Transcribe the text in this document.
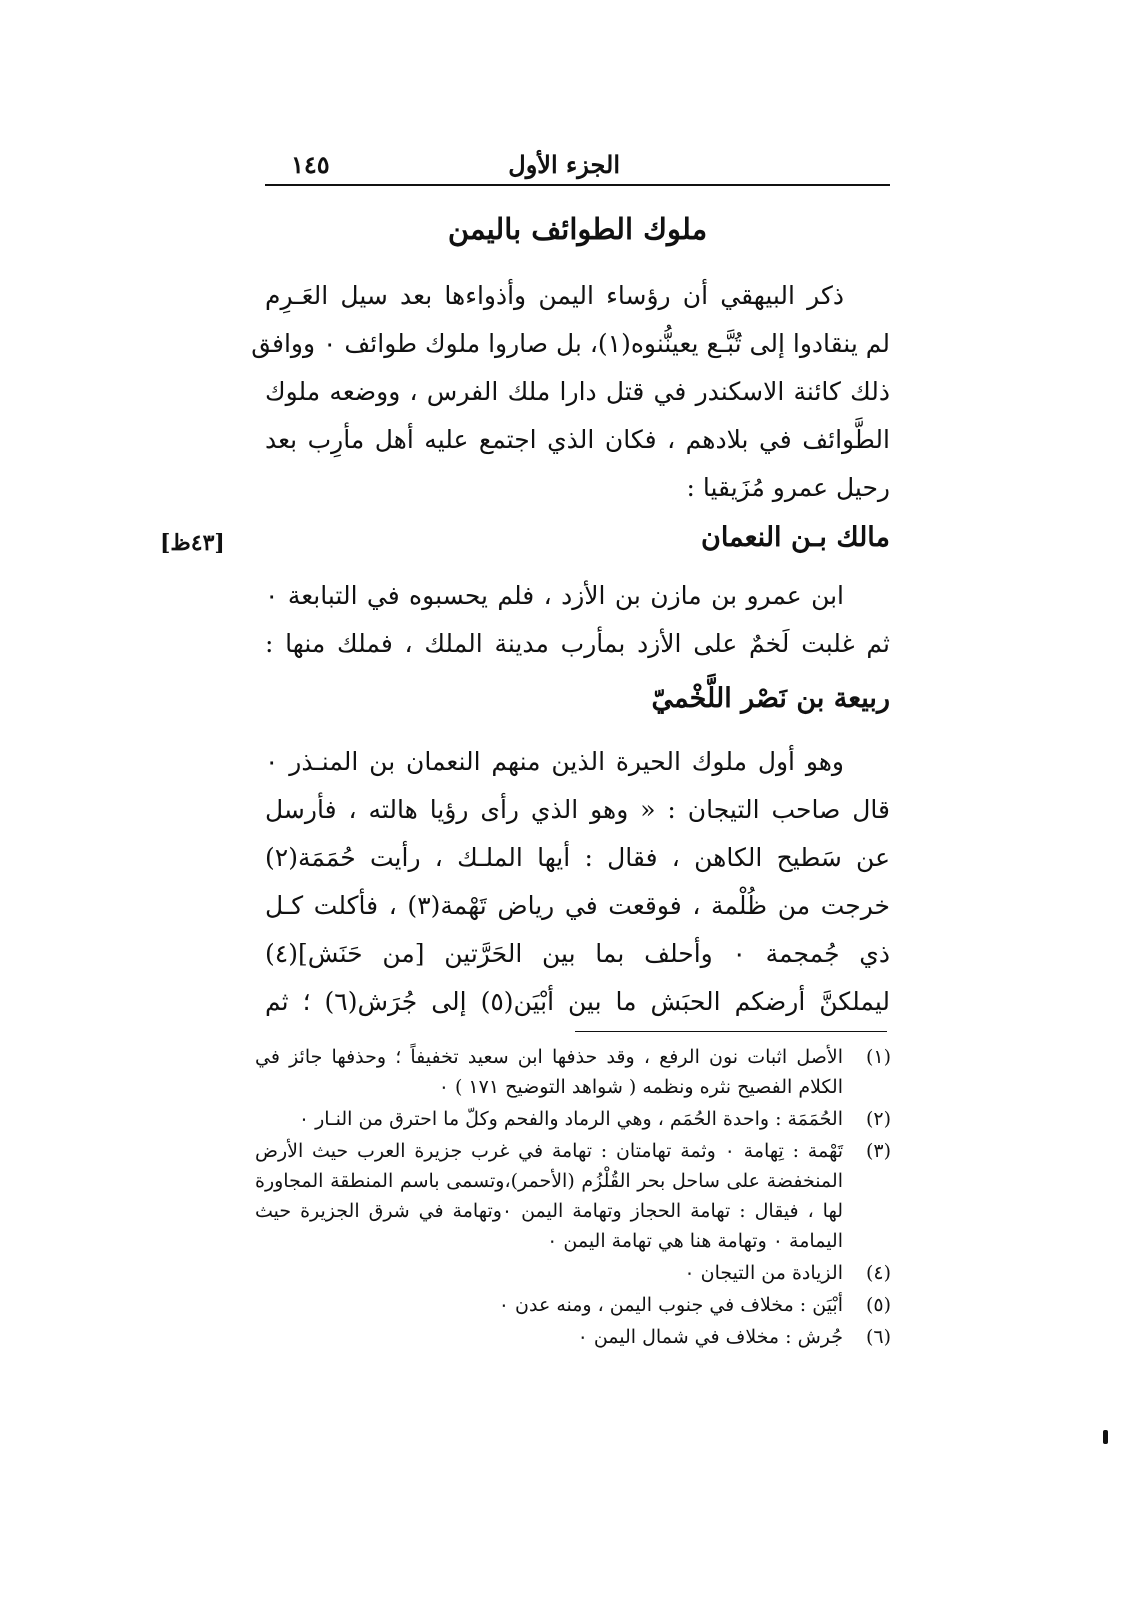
الجزء الأول
١٤٥
ملوك الطوائف باليمن
ذكر البيهقي أن رؤساء اليمن وأذواءها بعد سيل العَـرِم
لم ينقادوا إلى تُبَّـع يعينُّنوه(١)، بل صاروا ملوك طوائف ٠ ووافق
ذلك كائنة الاسكندر في قتل دارا ملك الفرس ، ووضعه ملوك
الطَّوائف في بلادهم ، فكان الذي اجتمع عليه أهل مأرِب بعد
رحيل عمرو مُزَيقيا :
مالك بـن النعمان
[٤٣ظ]
ابن عمرو بن مازن بن الأزد ، فلم يحسبوه في التبابعة ٠
ثم غلبت لَخمٌ على الأزد بمأرب مدينة الملك ، فملك منها :
ربيعة بن نَصْر اللَّخْميّ
وهو أول ملوك الحيرة الذين منهم النعمان بن المنـذر ٠
قال صاحب التيجان : « وهو الذي رأى رؤيا هالته ، فأرسل
عن سَطيح الكاهن ، فقال : أيها الملـك ، رأيت حُمَمَة(٢)
خرجت من ظُلْمة ، فوقعت في رياض تَهْمة(٣) ، فأكلت كـل
ذي جُمجمة ٠ وأحلف بما بين الحَرَّتين [من حَنَش](٤)
ليملكنَّ أرضكم الحبَش ما بين أبْيَن(٥) إلى جُرَش(٦) ؛ ثم
(١)
الأصل اثبات نون الرفع ، وقد حذفها ابن سعيد تخفيفاً ؛ وحذفها جائز في الكلام الفصيح نثره ونظمه ( شواهد التوضيح ١٧١ ) ٠
(٢)
الحُمَمَة : واحدة الحُمَم ، وهي الرماد والفحم وكلّ ما احترق من النـار ٠
(٣)
تَهْمة : تِهامة ٠ وثمة تهامتان : تهامة في غرب جزيرة العرب حيث الأرض المنخفضة على ساحل بحر القُلْزُم (الأحمر)،وتسمى باسم المنطقة المجاورة لها ، فيقال : تهامة الحجاز وتهامة اليمن ٠وتهامة في شرق الجزيرة حيث اليمامة ٠ وتهامة هنا هي تهامة اليمن ٠
(٤)
الزيادة من التيجان ٠
(٥)
أبْيَن : مخلاف في جنوب اليمن ، ومنه عدن ٠
(٦)
جُرش : مخلاف في شمال اليمن ٠
